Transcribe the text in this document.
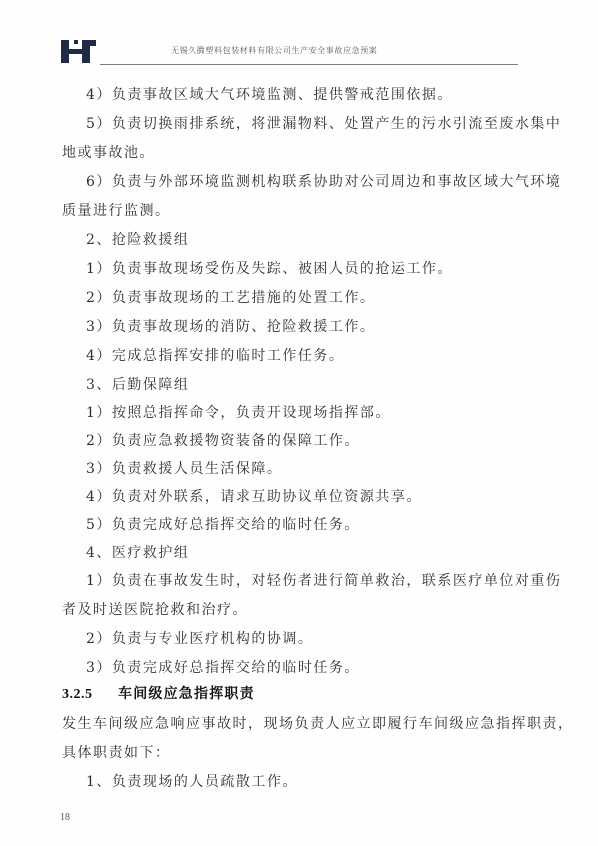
无锡久腾塑料包装材料有限公司生产安全事故应急预案
4）负责事故区域大气环境监测、提供警戒范围依据。
5）负责切换雨排系统，将泄漏物料、处置产生的污水引流至废水集中
地或事故池。
6）负责与外部环境监测机构联系协助对公司周边和事故区域大气环境
质量进行监测。
2、抢险救援组
1）负责事故现场受伤及失踪、被困人员的抢运工作。
2）负责事故现场的工艺措施的处置工作。
3）负责事故现场的消防、抢险救援工作。
4）完成总指挥安排的临时工作任务。
3、后勤保障组
1）按照总指挥命令，负责开设现场指挥部。
2）负责应急救援物资装备的保障工作。
3）负责救援人员生活保障。
4）负责对外联系，请求互助协议单位资源共享。
5）负责完成好总指挥交给的临时任务。
4、医疗救护组
1）负责在事故发生时，对轻伤者进行简单救治，联系医疗单位对重伤
者及时送医院抢救和治疗。
2）负责与专业医疗机构的协调。
3）负责完成好总指挥交给的临时任务。
3.2.5 车间级应急指挥职责
发生车间级应急响应事故时，现场负责人应立即履行车间级应急指挥职责，
具体职责如下：
1、负责现场的人员疏散工作。
18
